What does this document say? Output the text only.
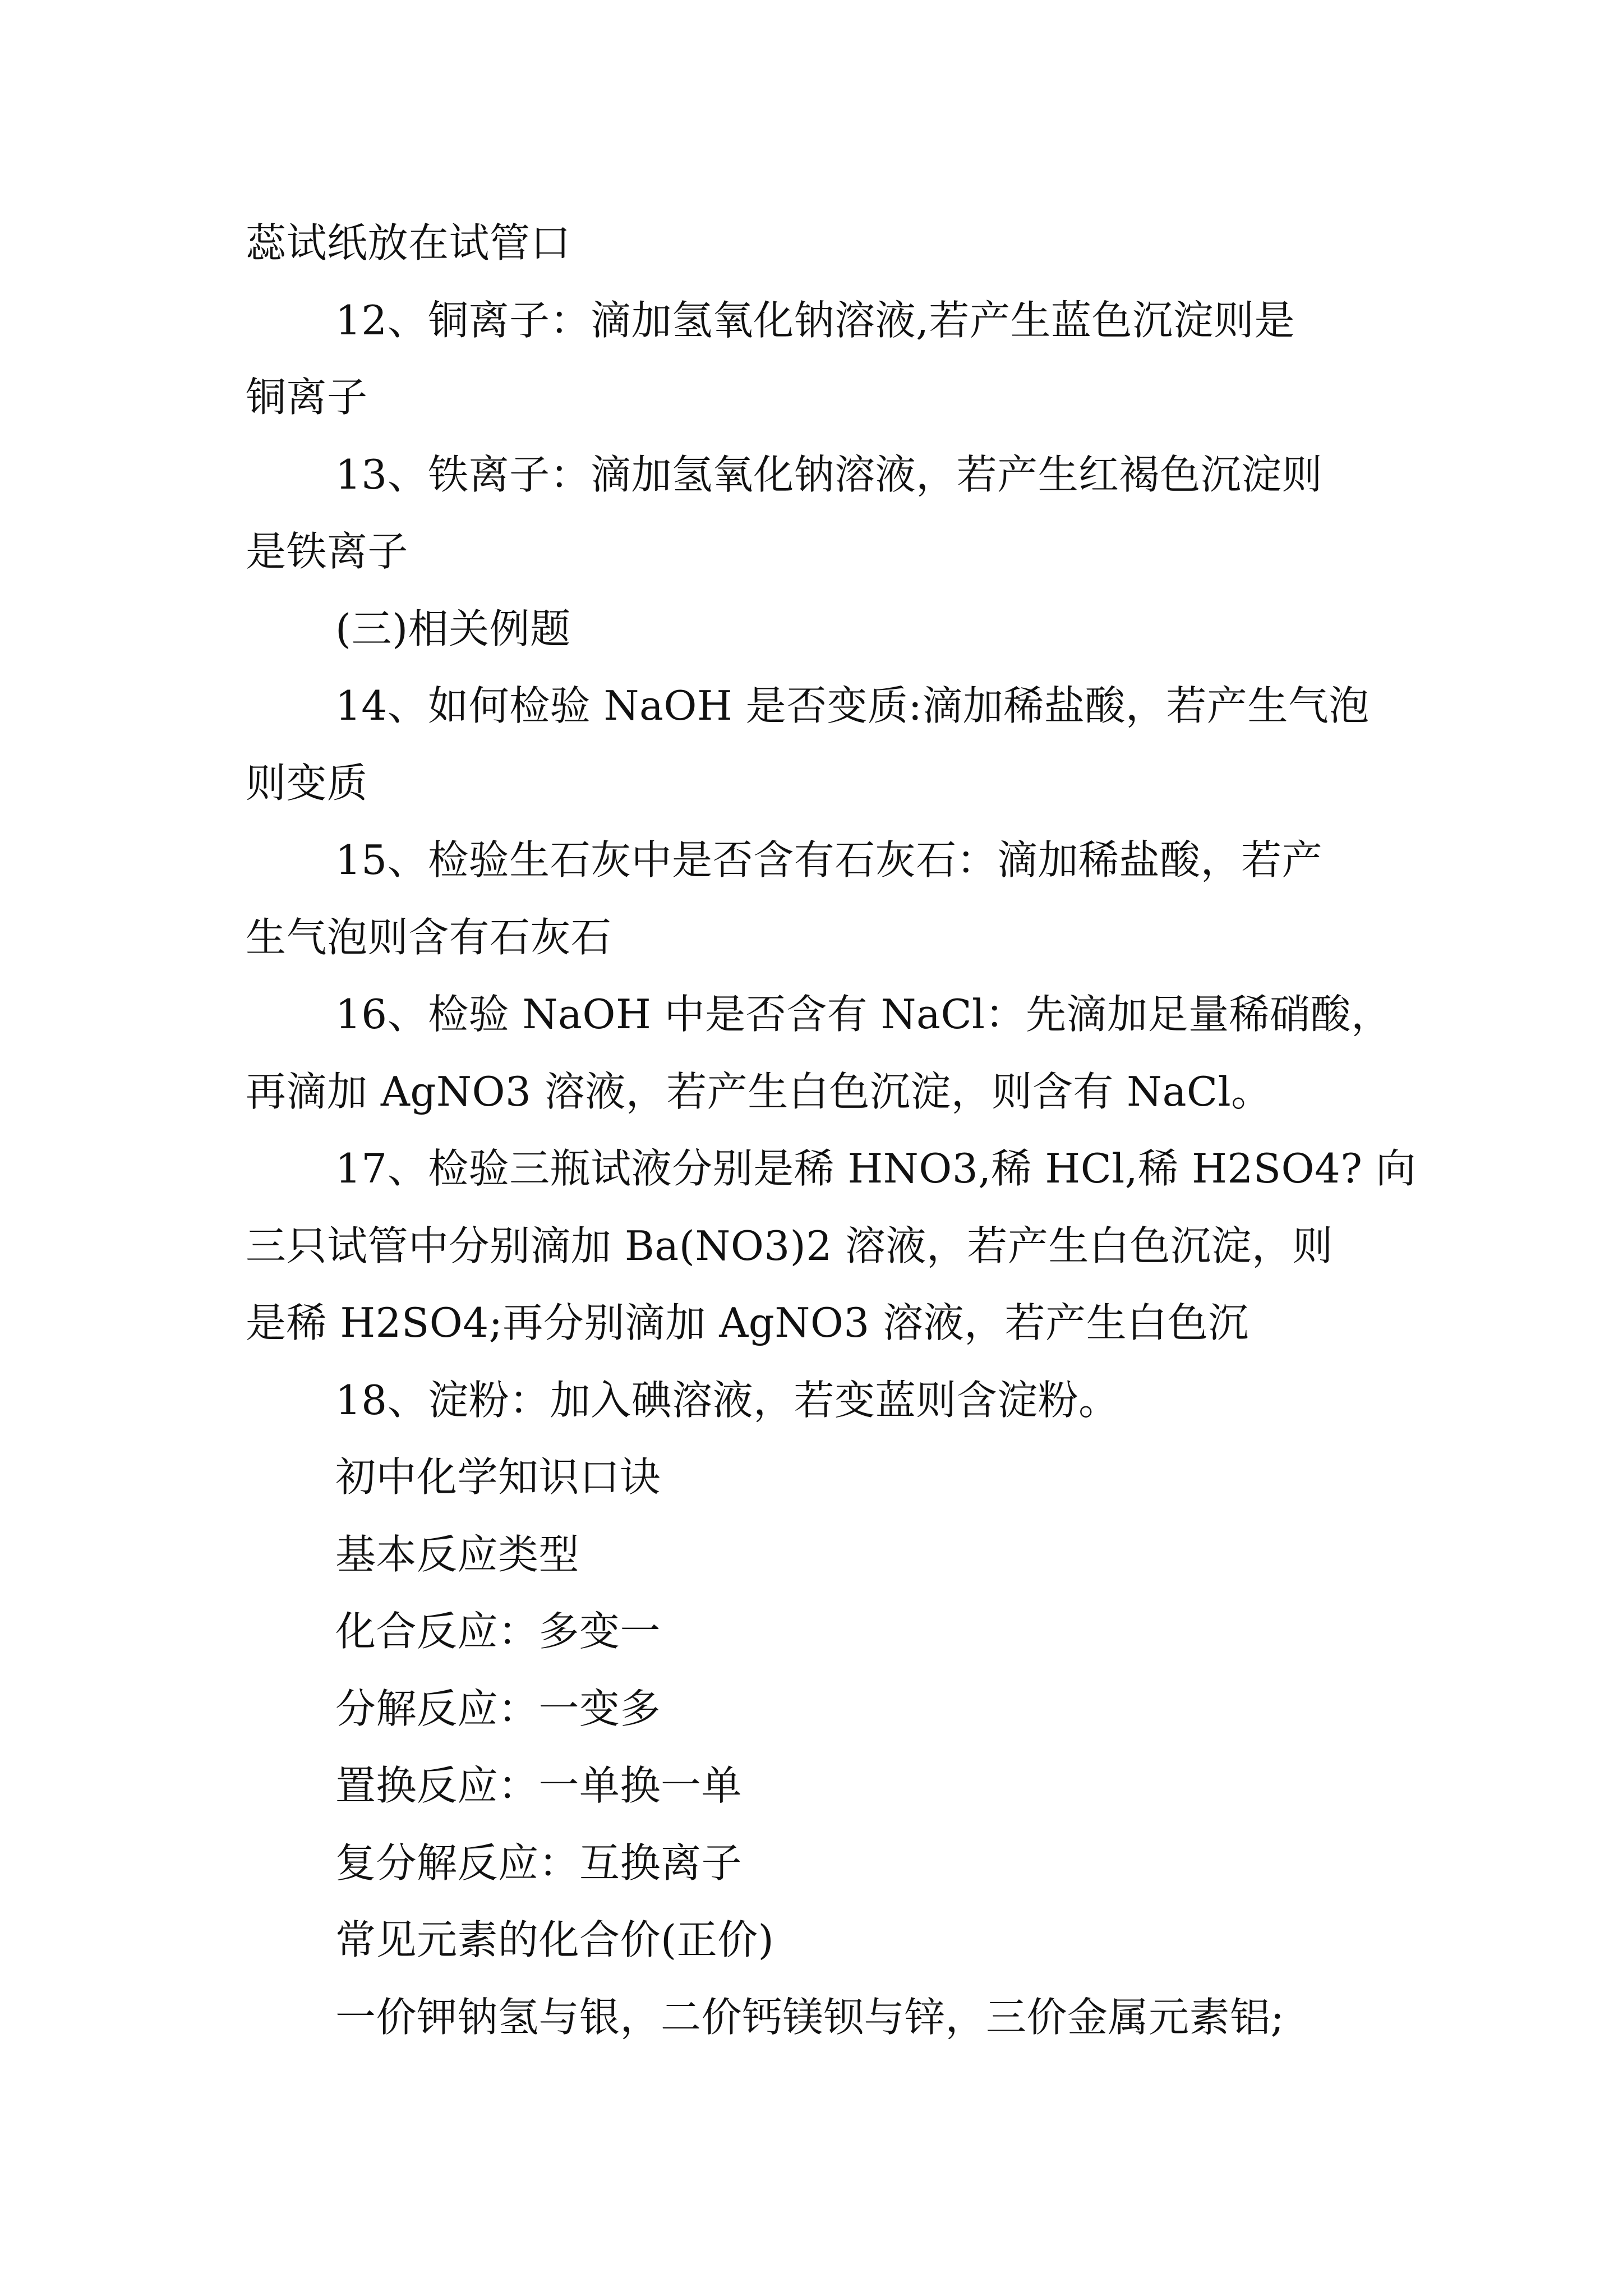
蕊试纸放在试管口
12、铜离子：滴加氢氧化钠溶液,若产生蓝色沉淀则是
铜离子
13、铁离子：滴加氢氧化钠溶液，若产生红褐色沉淀则
是铁离子
(三)相关例题
14、如何检验 NaOH 是否变质:滴加稀盐酸，若产生气泡
则变质
15、检验生石灰中是否含有石灰石：滴加稀盐酸，若产
生气泡则含有石灰石
16、检验 NaOH 中是否含有 NaCl：先滴加足量稀硝酸，
再滴加 AgNO3 溶液，若产生白色沉淀，则含有 NaCl。
17、检验三瓶试液分别是稀 HNO3,稀 HCl,稀 H2SO4? 向
三只试管中分别滴加 Ba(NO3)2 溶液，若产生白色沉淀，则
是稀 H2SO4;再分别滴加 AgNO3 溶液，若产生白色沉
18、淀粉：加入碘溶液，若变蓝则含淀粉。
初中化学知识口诀
基本反应类型
化合反应：多变一
分解反应：一变多
置换反应：一单换一单
复分解反应：互换离子
常见元素的化合价(正价)
一价钾钠氢与银，二价钙镁钡与锌，三价金属元素铝;
